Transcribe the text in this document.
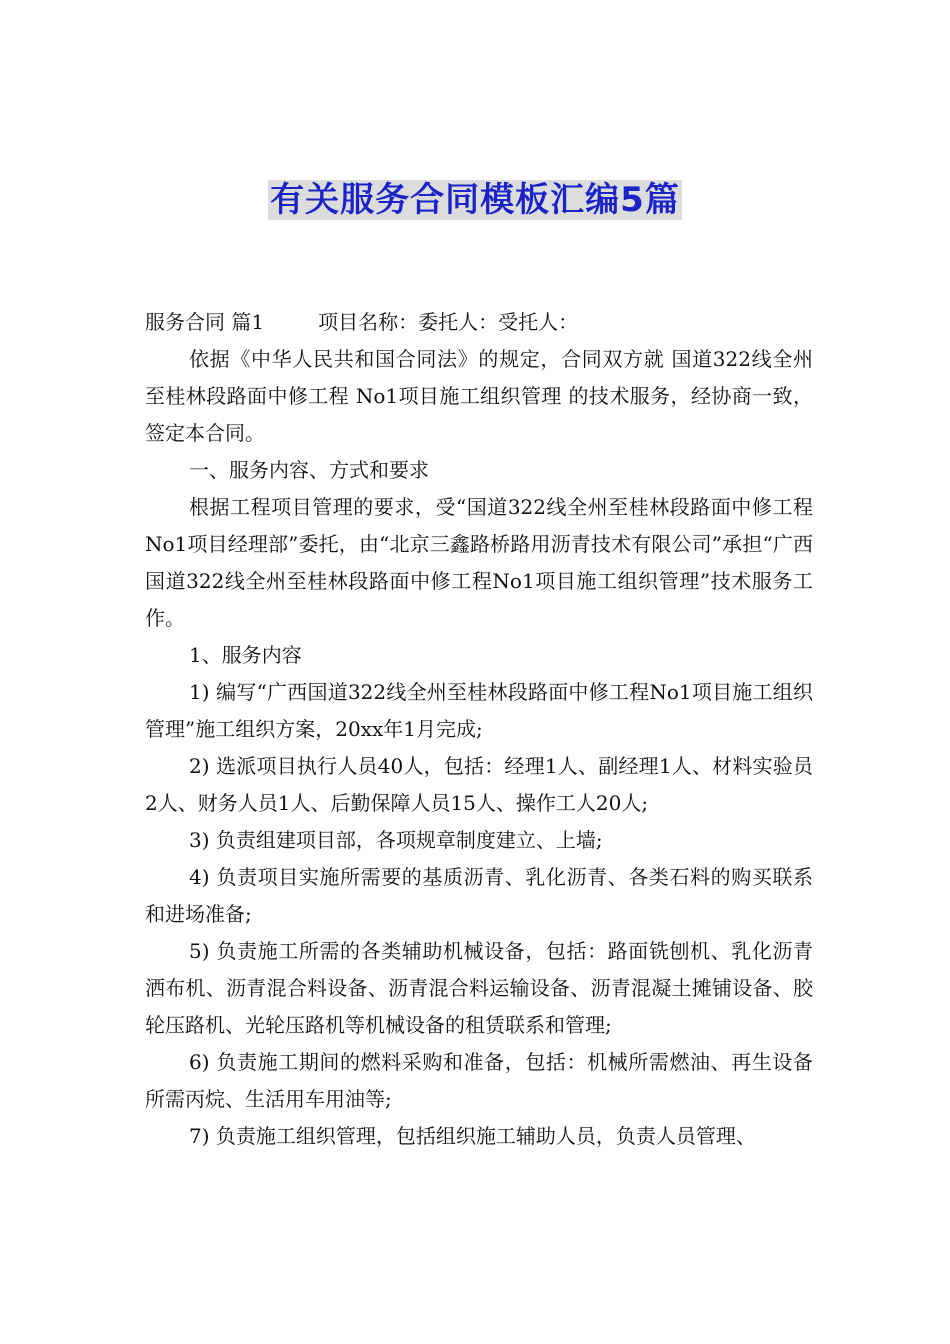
有关服务合同模板汇编5篇

服务合同 篇1	项目名称：委托人：受托人：

依据《中华人民共和国合同法》的规定，合同双方就 国道322线全州至桂林段路面中修工程 No1项目施工组织管理 的技术服务，经协商一致，签定本合同。

一、服务内容、方式和要求

根据工程项目管理的要求，受“国道322线全州至桂林段路面中修工程No1项目经理部”委托，由“北京三鑫路桥路用沥青技术有限公司”承担“广西国道322线全州至桂林段路面中修工程No1项目施工组织管理”技术服务工作。

1、服务内容

1) 编写“广西国道322线全州至桂林段路面中修工程No1项目施工组织管理”施工组织方案，20xx年1月完成;

2) 选派项目执行人员40人，包括：经理1人、副经理1人、材料实验员2人、财务人员1人、后勤保障人员15人、操作工人20人;

3) 负责组建项目部，各项规章制度建立、上墙;

4) 负责项目实施所需要的基质沥青、乳化沥青、各类石料的购买联系和进场准备;

5) 负责施工所需的各类辅助机械设备，包括：路面铣刨机、乳化沥青洒布机、沥青混合料设备、沥青混合料运输设备、沥青混凝土摊铺设备、胶轮压路机、光轮压路机等机械设备的租赁联系和管理;

6) 负责施工期间的燃料采购和准备，包括：机械所需燃油、再生设备所需丙烷、生活用车用油等;

7) 负责施工组织管理，包括组织施工辅助人员，负责人员管理、
